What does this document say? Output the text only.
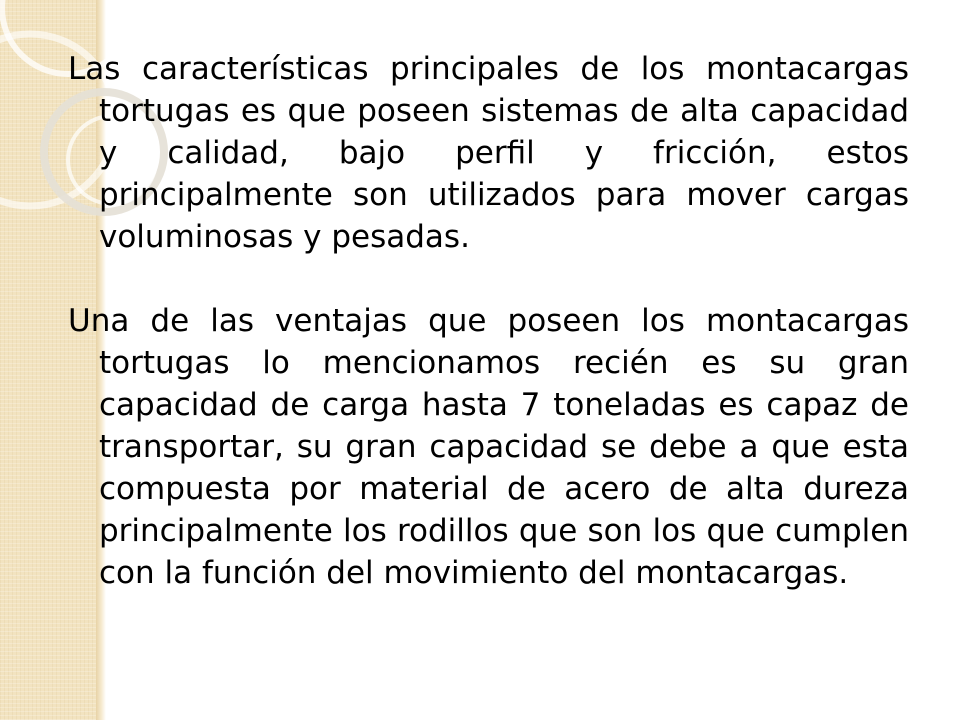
Las características principales de los montacargas tortugas es que poseen sistemas de alta capacidad y calidad, bajo perfil y fricción, estos principalmente son utilizados para mover cargas voluminosas y pesadas.

Una de las ventajas que poseen los montacargas tortugas lo mencionamos recién es su gran capacidad de carga hasta 7 toneladas es capaz de transportar, su gran capacidad se debe a que esta compuesta por material de acero de alta dureza principalmente los rodillos que son los que cumplen con la función del movimiento del montacargas.
